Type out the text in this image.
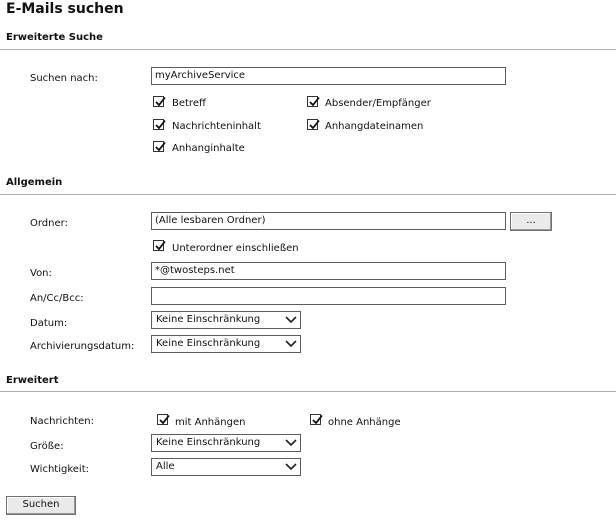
E-Mails suchen
Erweiterte Suche
Suchen nach:	myArchiveService
Betreff	Absender/Empfänger
Nachrichteninhalt	Anhangdateinamen
Anhanginhalte
Allgemein
Ordner:	(Alle lesbaren Ordner)	...
Unterordner einschließen
Von:	*@twosteps.net
An/Cc/Bcc:
Datum:	Keine Einschränkung
Archivierungsdatum: Keine Einschränkung
Erweitert
Nachrichten:	mit Anhängen	ohne Anhänge
Größe:	Keine Einschränkung
Wichtigkeit:	Alle
Suchen
